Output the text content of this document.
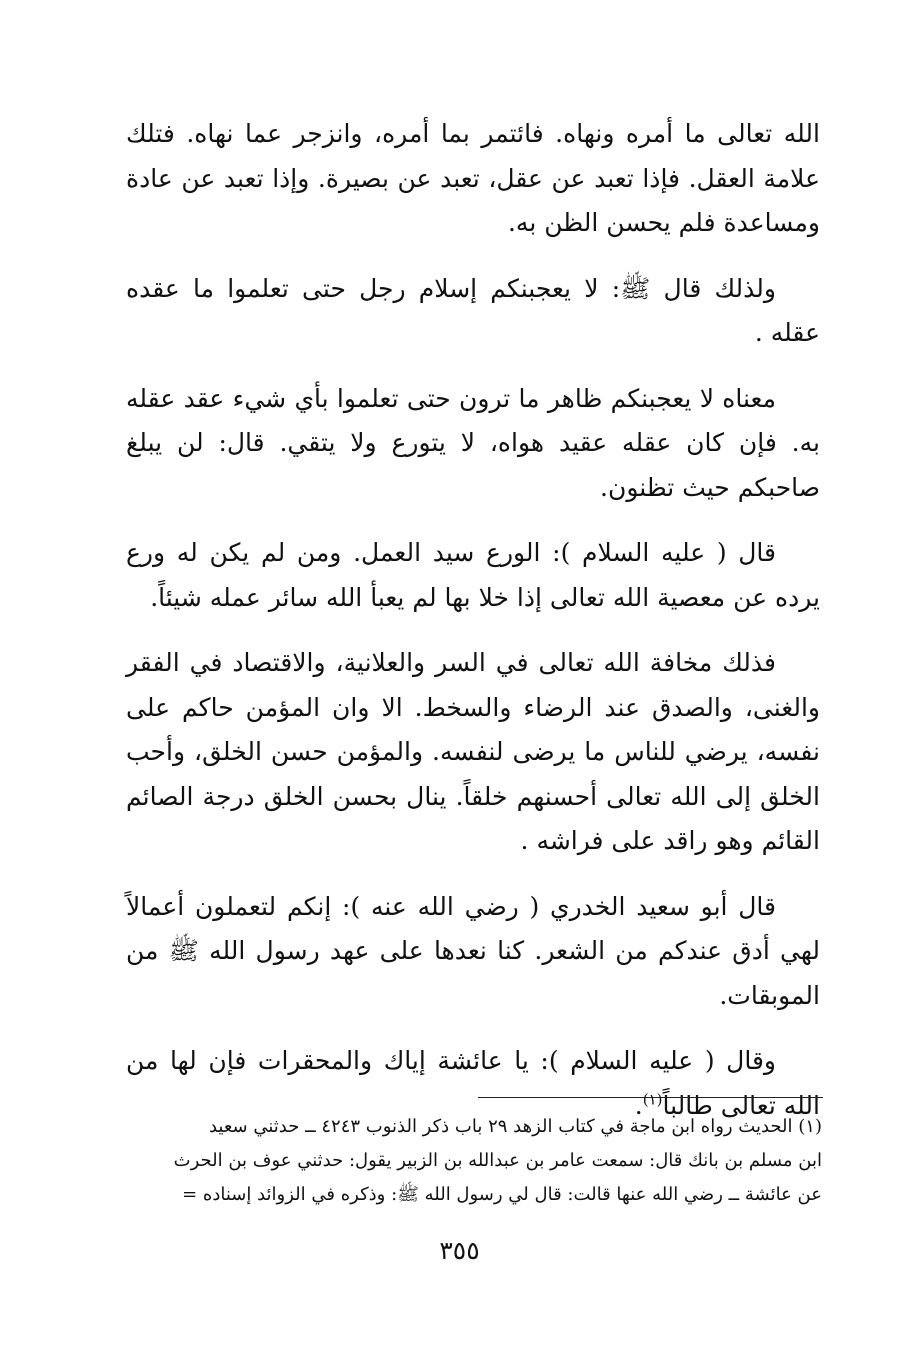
الله تعالى ما أمره ونهاه. فائتمر بما أمره، وانزجر عما نهاه. فتلك علامة العقل. فإذا تعبد عن عقل، تعبد عن بصيرة. وإذا تعبد عن عادة ومساعدة فلم يحسن الظن به.

ولذلك قال ﷺ: لا يعجبنكم إسلام رجل حتى تعلموا ما عقده عقله .

معناه لا يعجبنكم ظاهر ما ترون حتى تعلموا بأي شيء عقد عقله به. فإن كان عقله عقيد هواه، لا يتورع ولا يتقي. قال: لن يبلغ صاحبكم حيث تظنون.

قال ( عليه السلام ): الورع سيد العمل. ومن لم يكن له ورع يرده عن معصية الله تعالى إذا خلا بها لم يعبأ الله سائر عمله شيئاً.

فذلك مخافة الله تعالى في السر والعلانية، والاقتصاد في الفقر والغنى، والصدق عند الرضاء والسخط. الا وان المؤمن حاكم على نفسه، يرضي للناس ما يرضى لنفسه. والمؤمن حسن الخلق، وأحب الخلق إلى الله تعالى أحسنهم خلقاً. ينال بحسن الخلق درجة الصائم القائم وهو راقد على فراشه .

قال أبو سعيد الخدري ( رضي الله عنه ): إنكم لتعملون أعمالاً لهي أدق عندكم من الشعر. كنا نعدها على عهد رسول الله ﷺ من الموبقات.

وقال ( عليه السلام ): يا عائشة إياك والمحقرات فإن لها من الله تعالى طالباً$^{(١)}$.

(١) الحديث رواه ابن ماجة في كتاب الزهد ٢٩ باب ذكر الذنوب ٤٢٤٣ ــ حدثني سعيد

ابن مسلم بن بانك قال: سمعت عامر بن عبدالله بن الزبير يقول: حدثني عوف بن الحرث

عن عائشة ــ رضي الله عنها قالت: قال لي رسول الله ﷺ: وذكره في الزوائد إسناده =

٣٥٥
